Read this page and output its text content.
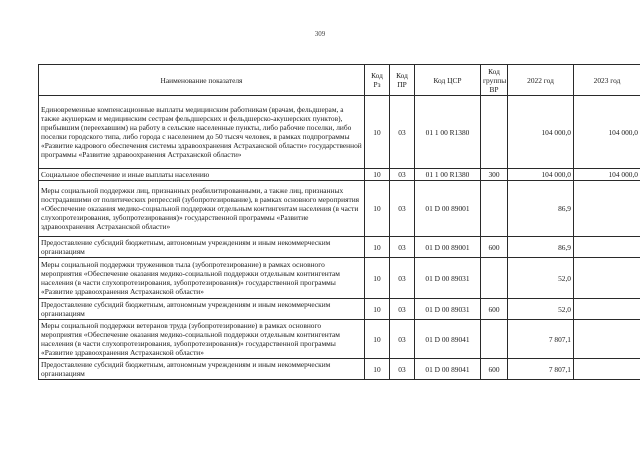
309
Наименование показателя	Код Рз	Код ПР	Код ЦСР	Код группы ВР	2022 год	2023 год
Единовременные компенсационные выплаты медицинским работникам (врачам, фельдшерам, а также акушеркам и медицинским сестрам фельдшерских и фельдшерско-акушерских пунктов), прибывшим (переехавшим) на работу в сельские населенные пункты, либо рабочие поселки, либо поселки городского типа, либо города с населением до 50 тысяч человек, в рамках подпрограммы «Развитие кадрового обеспечения системы здравоохранения Астраханской области» государственной программы «Развитие здравоохранения Астраханской области»	10	03	01 1 00 R1380		104 000,0	104 000,0
Социальное обеспечение и иные выплаты населению	10	03	01 1 00 R1380	300	104 000,0	104 000,0
Меры социальной поддержки лиц, признанных реабилитированными, а также лиц, признанных пострадавшими от политических репрессий (зубопротезирование), в рамках основного мероприятия «Обеспечение оказания медико-социальной поддержки отдельным контингентам населения (в части слухопротезирования, зубопротезирования)» государственной программы «Развитие здравоохранения Астраханской области»	10	03	01 D 00 89001		86,9	
Предоставление субсидий бюджетным, автономным учреждениям и иным некоммерческим организациям	10	03	01 D 00 89001	600	86,9	
Меры социальной поддержки тружеников тыла (зубопротезирование) в рамках основного мероприятия «Обеспечение оказания медико-социальной поддержки отдельным контингентам населения (в части слухопротезирования, зубопротезирования)» государственной программы «Развитие здравоохранения Астраханской области»	10	03	01 D 00 89031		52,0	
Предоставление субсидий бюджетным, автономным учреждениям и иным некоммерческим организациям	10	03	01 D 00 89031	600	52,0	
Меры социальной поддержки ветеранов труда (зубопротезирование) в рамках основного мероприятия «Обеспечение оказания медико-социальной поддержки отдельным контингентам населения (в части слухопротезирования, зубопротезирования)» государственной программы «Развитие здравоохранения Астраханской области»	10	03	01 D 00 89041		7 807,1	
Предоставление субсидий бюджетным, автономным учреждениям и иным некоммерческим организациям	10	03	01 D 00 89041	600	7 807,1	
